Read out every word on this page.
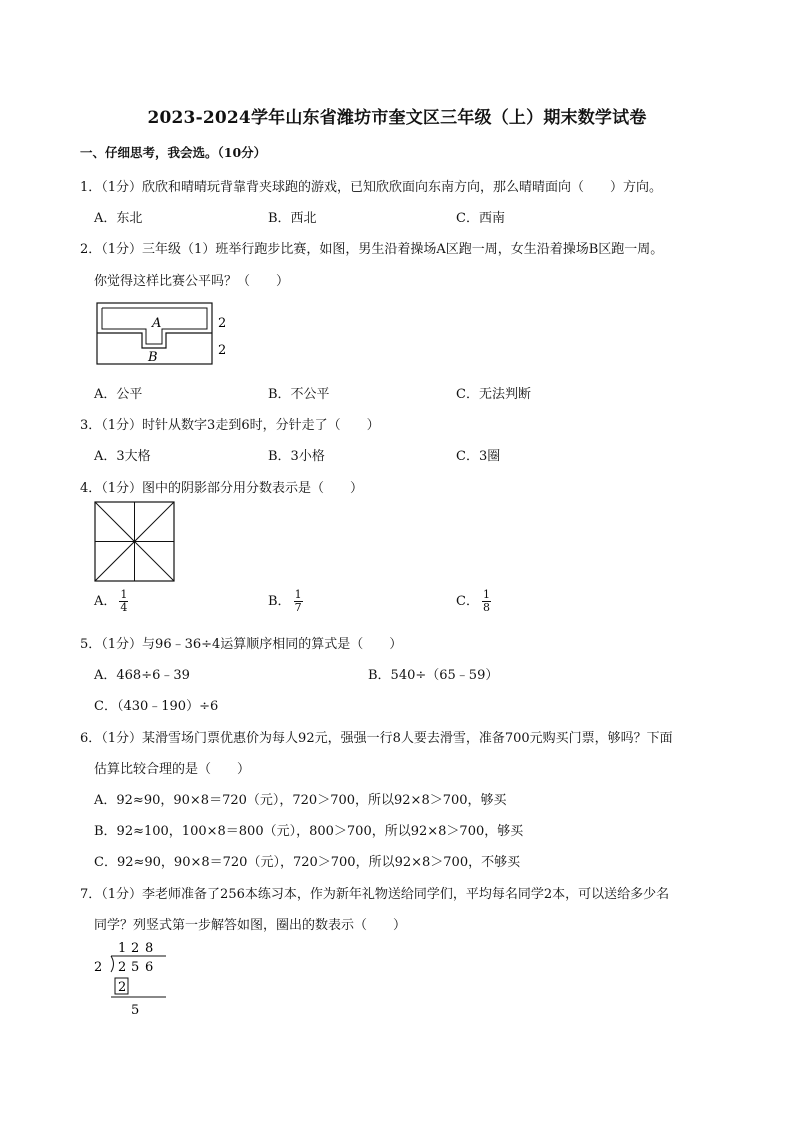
2023-2024学年山东省潍坊市奎文区三年级（上）期末数学试卷
一、仔细思考，我会选。（10分）
1．（1分）欣欣和晴晴玩背靠背夹球跑的游戏，已知欣欣面向东南方向，那么晴晴面向（　　）方向。
A．东北	B．西北	C．西南
2．（1分）三年级（1）班举行跑步比赛，如图，男生沿着操场A区跑一周，女生沿着操场B区跑一周。
你觉得这样比赛公平吗？（　　）
A
B
2
2
A．公平	B．不公平	C．无法判断
3．（1分）时针从数字3走到6时，分针走了（　　）
A．3大格	B．3小格	C．3圈
4．（1分）图中的阴影部分用分数表示是（　　）
A． $\frac{1}{4}$	B． $\frac{1}{7}$	C． $\frac{1}{8}$
5．（1分）与96﹣36÷4运算顺序相同的算式是（　　）
A．468÷6﹣39	B．540÷（65﹣59）
C．（430﹣190）÷6
6．（1分）某滑雪场门票优惠价为每人92元，强强一行8人要去滑雪，准备700元购买门票，够吗？下面
估算比较合理的是（　　）
A．92≈90，90×8＝720（元），720＞700，所以92×8＞700，够买
B．92≈100，100×8＝800（元），800＞700，所以92×8＞700，够买
C．92≈90，90×8＝720（元），720＞700，所以92×8＞700，不够买
7．（1分）李老师准备了256本练习本，作为新年礼物送给同学们，平均每名同学2本，可以送给多少名
同学？列竖式第一步解答如图，圈出的数表示（　　）
1 2 8
2 2 5 6
2
5
